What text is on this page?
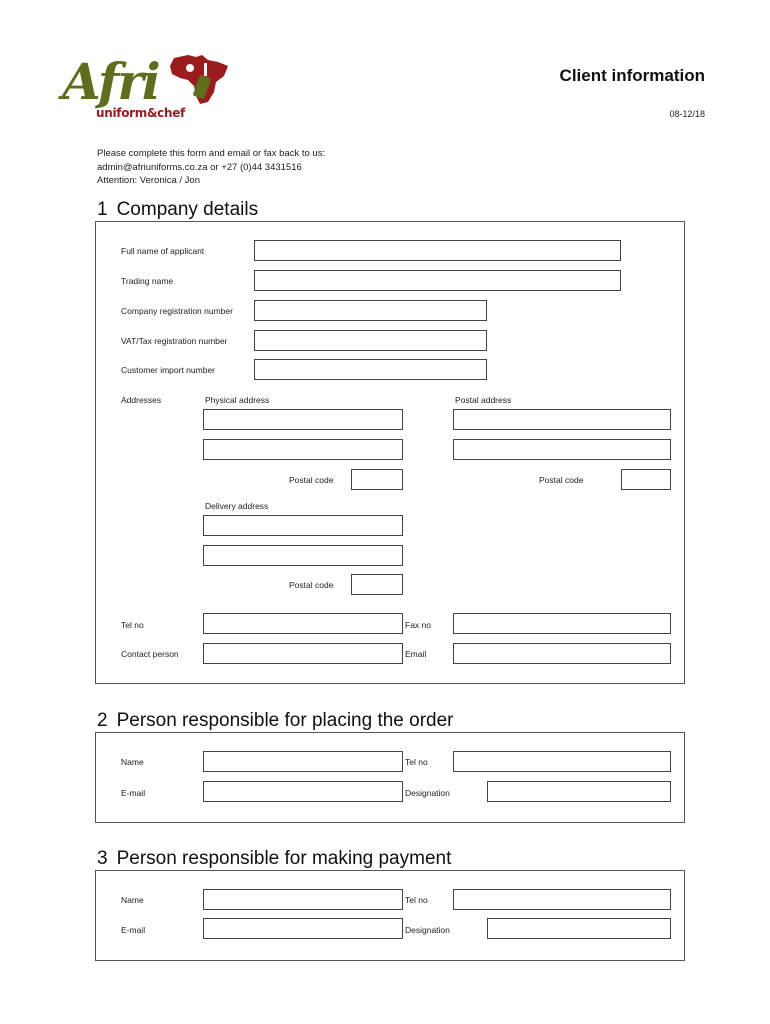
Afri
uniform&chef
Client information
08-12/18
Please complete this form and email or fax back to us:
admin@afriuniforms.co.za or +27 (0)44 3431516
Attention: Veronica / Jon
1 Company details
Full name of applicant
Trading name
Company registration number
VAT/Tax registration number
Customer import number
Addresses	Physical address	Postal address
Postal code	Postal code
Delivery address
Postal code
Tel no	Fax no
Contact person	Email
2 Person responsible for placing the order
Name	Tel no
E-mail	Designation
3 Person responsible for making payment
Name	Tel no
E-mail	Designation
